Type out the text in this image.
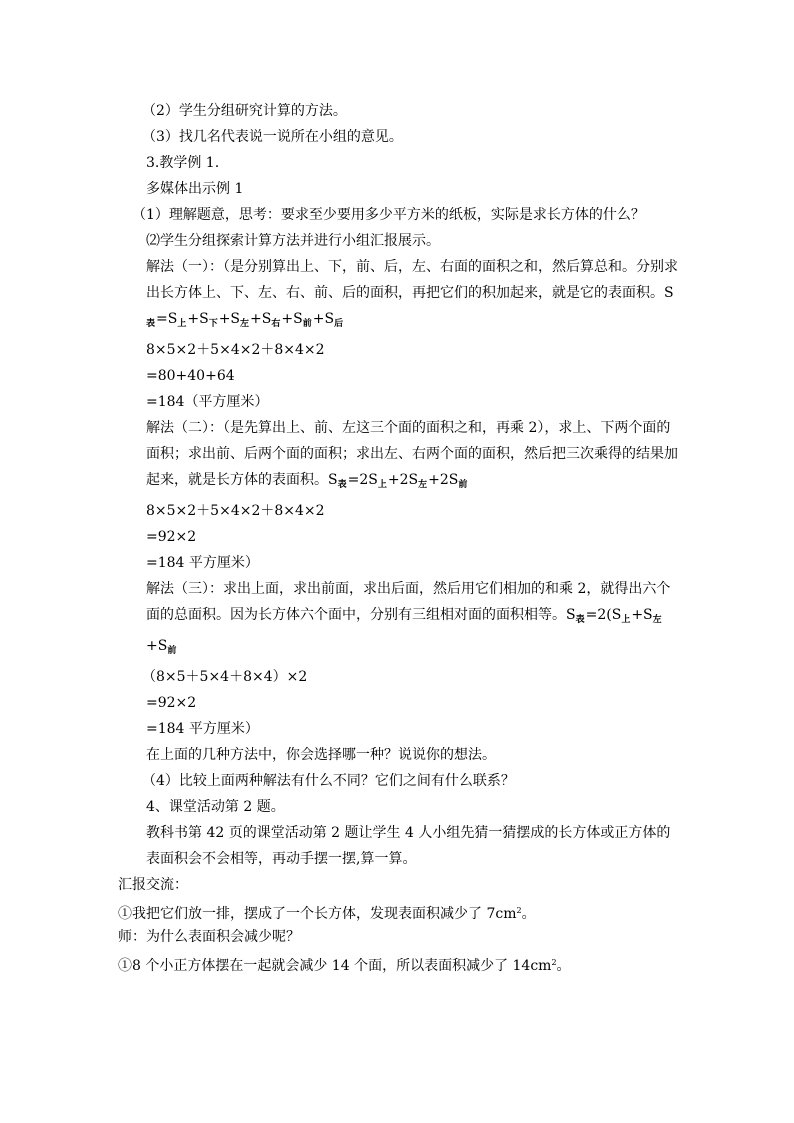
（2）学生分组研究计算的方法。

（3）找几名代表说一说所在小组的意见。

3.教学例 1.

多媒体出示例 1

（1）理解题意，思考：要求至少要用多少平方米的纸板，实际是求长方体的什么？

⑵学生分组探索计算方法并进行小组汇报展示。

解法（一）：（是分别算出上、下，前、后，左、右面的面积之和，然后算总和。分别求出长方体上、下、左、右、前、后的面积，再把它们的积加起来，就是它的表面积。$S_表=S_上+S_下+S_左+S_右+S_前+S_后$

8×5×2＋5×4×2＋8×4×2

=80+40+64

=184（平方厘米）

解法（二）：（是先算出上、前、左这三个面的面积之和，再乘 2），求上、下两个面的面积；求出前、后两个面的面积；求出左、右两个面的面积，然后把三次乘得的结果加起来，就是长方体的表面积。$S_表=2S_上+2S_左+2S_前$

8×5×2＋5×4×2＋8×4×2

=92×2

=184 平方厘米）

解法（三）：求出上面，求出前面，求出后面，然后用它们相加的和乘 2，就得出六个面的总面积。因为长方体六个面中，分别有三组相对面的面积相等。$S_表=2(S_上+S_左+S_前$

（8×5＋5×4＋8×4）×2

=92×2

=184 平方厘米）

在上面的几种方法中，你会选择哪一种？说说你的想法。

（4）比较上面两种解法有什么不同？它们之间有什么联系？

4、课堂活动第 2 题。

教科书第 42 页的课堂活动第 2 题让学生 4 人小组先猜一猜摆成的长方体或正方体的表面积会不会相等，再动手摆一摆,算一算。

汇报交流：

①我把它们放一排，摆成了一个长方体，发现表面积减少了 $7cm^2$。

师：为什么表面积会减少呢？

①8 个小正方体摆在一起就会减少 14 个面，所以表面积减少了 $14cm^2$。
